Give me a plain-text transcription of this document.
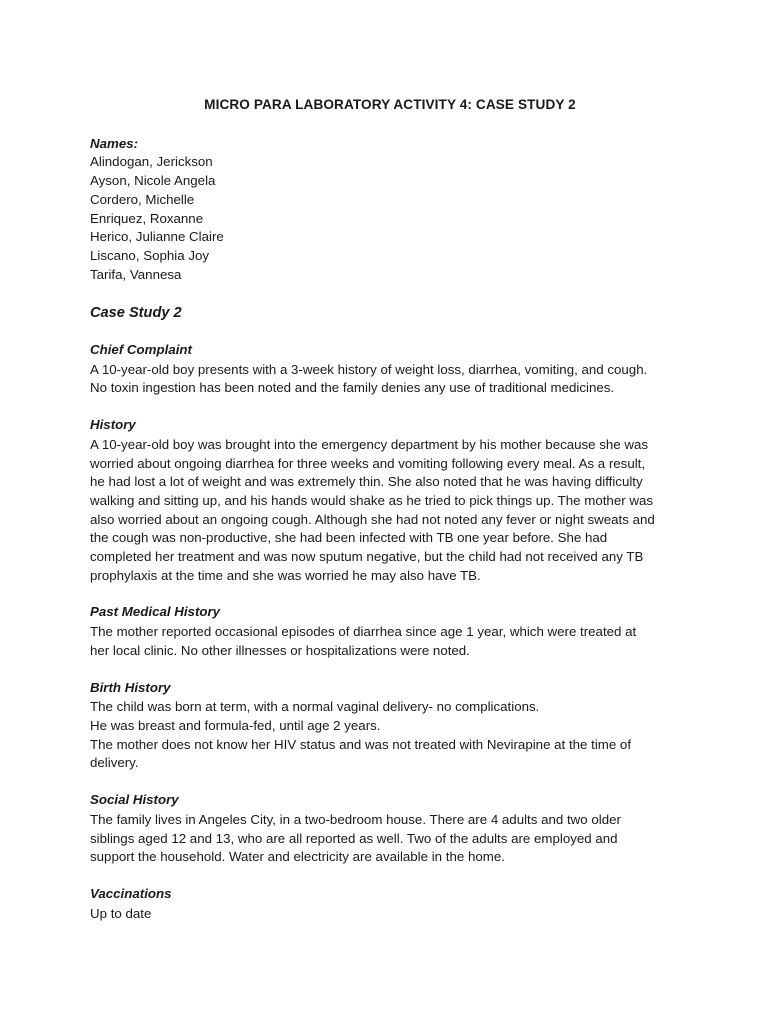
MICRO PARA LABORATORY ACTIVITY 4: CASE STUDY 2

Names:

Alindogan, Jerickson

Ayson, Nicole Angela

Cordero, Michelle

Enriquez, Roxanne

Herico, Julianne Claire

Liscano, Sophia Joy

Tarifa, Vannesa

Case Study 2

Chief Complaint

A 10-year-old boy presents with a 3-week history of weight loss, diarrhea, vomiting, and cough.

No toxin ingestion has been noted and the family denies any use of traditional medicines.

History

A 10-year-old boy was brought into the emergency department by his mother because she was

worried about ongoing diarrhea for three weeks and vomiting following every meal. As a result,

he had lost a lot of weight and was extremely thin. She also noted that he was having difficulty

walking and sitting up, and his hands would shake as he tried to pick things up. The mother was

also worried about an ongoing cough. Although she had not noted any fever or night sweats and

the cough was non-productive, she had been infected with TB one year before. She had

completed her treatment and was now sputum negative, but the child had not received any TB

prophylaxis at the time and she was worried he may also have TB.

Past Medical History

The mother reported occasional episodes of diarrhea since age 1 year, which were treated at

her local clinic. No other illnesses or hospitalizations were noted.

Birth History

The child was born at term, with a normal vaginal delivery- no complications.

He was breast and formula-fed, until age 2 years.

The mother does not know her HIV status and was not treated with Nevirapine at the time of

delivery.

Social History

The family lives in Angeles City, in a two-bedroom house. There are 4 adults and two older

siblings aged 12 and 13, who are all reported as well. Two of the adults are employed and

support the household. Water and electricity are available in the home.

Vaccinations

Up to date
